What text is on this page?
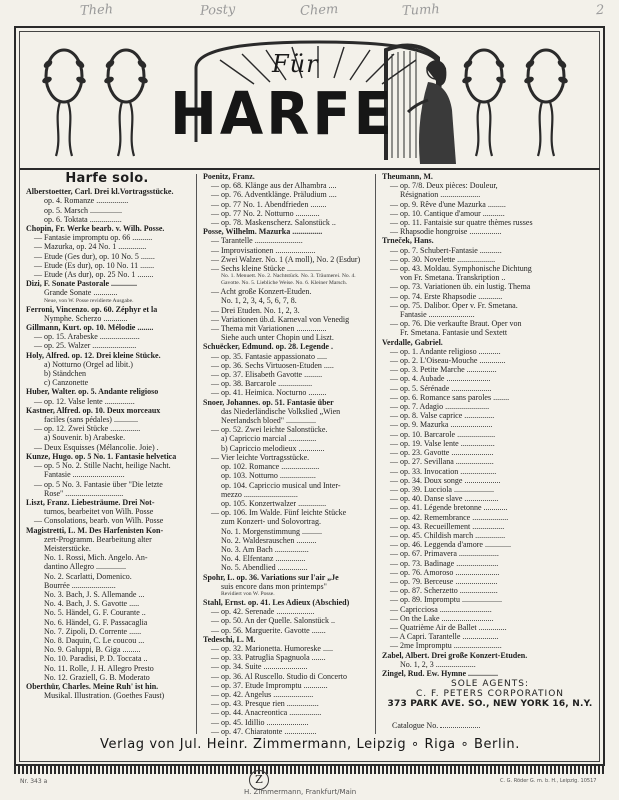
Theh	Posty	Chem	Tumh	2
Für
HARFE
Harfe solo.
Alberstoetter, Carl. Drei kl.Vortragsstücke.
op. 4. Romanze ................
op. 5. Marsch ................
op. 6. Toktata ................
Chopin, Fr. Werke bearb. v. Wilh. Posse.
— Fantasie impromptu op. 66 ..........
— Mazurka, op. 24 No. 1 ..............
— Etude (Ges dur), op. 10 No. 5 .......
— Etude (Es dur), op. 10 No. 11 .......
— Etude (As dur), op. 25 No. 1 ........
Dizi, F. Sonate Pastorale .............
Grande Sonate ............
Neue, von W. Posse revidierte Ausgabe.
Ferroni, Vincenzo. op. 60. Zéphyr et la
Nymphe. Scherzo ............
Gillmann, Kurt. op. 10. Mélodie ........
— op. 15. Arabeske ....................
— op. 25. Walzer ......................
Holy, Alfred. op. 12. Drei kleine Stücke.
a) Notturno (Orgel ad libit.)
b) Ständchen
c) Canzonette
Huber, Walter. op. 5. Andante religioso
— op. 12. Valse lente ...............
Kastner, Alfred. op. 10. Deux morceaux
faciles (sans pédales) ............
— op. 12. Zwei Stücke ...............
a) Souvenir. b) Arabeske.
— Deux Esquisses (Mélancolie. Joie) .
Kunze, Hugo. op. 5 No. 1. Fantasie helvetica
— op. 5 No. 2. Stille Nacht, heilige Nacht.
Fantasie ..........................
— op. 5 No. 3. Fantasie über "Die letzte
Rose" .............................
Liszt, Franz. Liebesträume. Drei Not-
turnos, bearbeitet von Wilh. Posse
— Consolations, bearb. von Wilh. Posse
Magistretti, L. M. Des Harfenisten Kon-
zert-Programm. Bearbeitung alter
Meisterstücke.
No. 1. Rossi, Mich. Angelo. An-
dantino Allegro ...............
No. 2. Scarlatti, Domenico.
Bourrée ......................
No. 3. Bach, J. S. Allemande ...
No. 4. Bach, J. S. Gavotte .....
No. 5. Händel, G. F. Courante ..
No. 6. Händel, G. F. Passacaglia
No. 7. Zipoli, D. Corrente ......
No. 8. Daquin, C. Le coucou ...
No. 9. Galuppi, B. Giga .........
No. 10. Paradisi, P. D. Toccata ..
No. 11. Rolle, J. H. Allegro Presto
No. 12. Graziell, G. B. Moderato
Oberthür, Charles. Meine Ruh' ist hin.
Musikal. Illustration. (Goethes Faust)
Poenitz, Franz.
— op. 68. Klänge aus der Alhambra ....
— op. 76. Adventklänge. Präludium ....
— op. 77 No. 1. Abendfrieden ........
— op. 77 No. 2. Notturno ............
— op. 78. Maskenscherz. Salonstück ..
Posse, Wilhelm. Mazurka ...............
— Tarantelle ........................
— Improvisationen ....................
— Zwei Walzer. No. 1 (A moll), No. 2 (Esdur)
— Sechs kleine Stücke .................
No. 1. Menuett. No. 2. Nachtstück. No. 3. Träumerei. No. 4.
Gavotte. No. 5. Liebliche Weise. No. 6. Kleiner Marsch.
— Acht große Konzert-Etuden.
No. 1, 2, 3, 4, 5, 6, 7, 8.
— Drei Etuden. No. 1, 2, 3.
— Variationen üb.d. Karneval von Venedig
— Thema mit Variationen ...............
Siehe auch unter Chopin und Liszt.
Schuëcker, Edmund. op. 28. Legende .
— op. 35. Fantasie appassionato .....
— op. 36. Sechs Virtuosen-Etuden .....
— op. 37. Elisabeth Gavotte .........
— op. 38. Barcarole .................
— op. 41. Heimica. Nocturno .........
Snoer, Johannes. op. 51. Fantasie über
das Niederländische Volkslied „Wien
Neerlandsch bloed" ...............
— op. 52. Zwei leichte Salonstücke.
a) Capriccio marcial ..............
b) Capriccio melodieux .............
— Vier leichte Vortragsstücke.
op. 102. Romance ...................
op. 103. Notturno ..................
op. 104. Capriccio musical und Inter-
mezzo ...........................
op. 105. Konzertwalzer ..............
— op. 106. Im Walde. Fünf leichte Stücke
zum Konzert- und Solovortrag.
No. 1. Morgenstimmung ..........
No. 2. Waldesrauschen ..........
No. 3. Am Bach .................
No. 4. Elfentanz ...............
No. 5. Abendlied ...............
Spohr, L. op. 36. Variations sur l'air „Je
suis encore dans mon printemps"
Revidiert von W. Posse.
Stahl, Ernst. op. 41. Les Adieux (Abschied)
— op. 42. Serenade ...................
— op. 50. An der Quelle. Salonstück ..
— op. 56. Marguerite. Gavotte .......
Tedeschi, L. M.
— op. 32. Marionetta. Humoreske .....
— op. 33. Patruglia Spagnuola .......
— op. 34. Suite ......................
— op. 36. Al Ruscello. Studio di Concerto
— op. 37. Etude Impromptu ............
— op. 42. Angelus ....................
— op. 43. Presque rien ................
— op. 44. Anacreontica ................
— op. 45. Idillio .....................
— op. 47. Chiaratonte ................
Theumann, M.
— op. 7/8. Deux pièces: Douleur,
Résignation ....................
— op. 9. Rêve d'une Mazurka .........
— op. 10. Cantique d'amour ...........
— op. 11. Fantaisie sur quatre thèmes russes
— Rhapsodie hongroise ................
Trneček, Hans.
— op. 7. Schubert-Fantasie ...........
— op. 30. Novelette ...................
— op. 43. Moldau. Symphonische Dichtung
von Fr. Smetana. Transkription ..
— op. 73. Variationen üb. ein lustig. Thema
— op. 74. Erste Rhapsodie ............
— op. 75. Dalibor. Oper v. Fr. Smetana.
Fantasie .......................
— op. 76. Die verkaufte Braut. Oper von
Fr. Smetana. Fantasie und Sextett
Verdalle, Gabriel.
— op. 1. Andante religioso ...........
— op. 2. L'Oiseau-Mouche .............
— op. 3. Petite Marche ...............
— op. 4. Aubade ......................
— op. 5. Sérénade ....................
— op. 6. Romance sans paroles ........
— op. 7. Adagio ......................
— op. 8. Valse caprice ...............
— op. 9. Mazurka .....................
— op. 10. Barcarole ...................
— op. 19. Valse lente .................
— op. 23. Gavotte .....................
— op. 27. Sevillana ...................
— op. 33. Invocation ..................
— op. 34. Doux songe ..................
— op. 39. Lucciola ....................
— op. 40. Danse slave .................
— op. 41. Légende bretonne ............
— op. 42. Remembrance ..................
— op. 43. Recueillement ................
— op. 45. Childish march ...............
— op. 46. Leggenda d'amore .............
— op. 67. Primavera ....................
— op. 73. Badinage .....................
— op. 76. Amoroso ......................
— op. 79. Berceuse .....................
— op. 87. Scherzetto ...................
— op. 89. Impromptu ....................
— Capricciosa ..........................
— On the Lake ..........................
— Quatrième Air de Ballet ..............
— A Capri. Tarantelle ..................
— 2me Impromptu ........................
Zabel, Albert. Drei große Konzert-Etuden.
No. 1, 2, 3 ....................
Zingel, Rud. Ew. Hymne ...............
SOLE AGENTS:
C. F. PETERS CORPORATION
373 PARK AVE. SO., NEW YORK 16, N.Y.
Catalogue No.
Verlag von Jul. Heinr. Zimmermann, Leipzig ∘ Riga ∘ Berlin.
Nr. 343 a	Z
H. Zimmermann, Frankfurt/Main
C. G. Röder G. m. b. H., Leipzig. 10517
